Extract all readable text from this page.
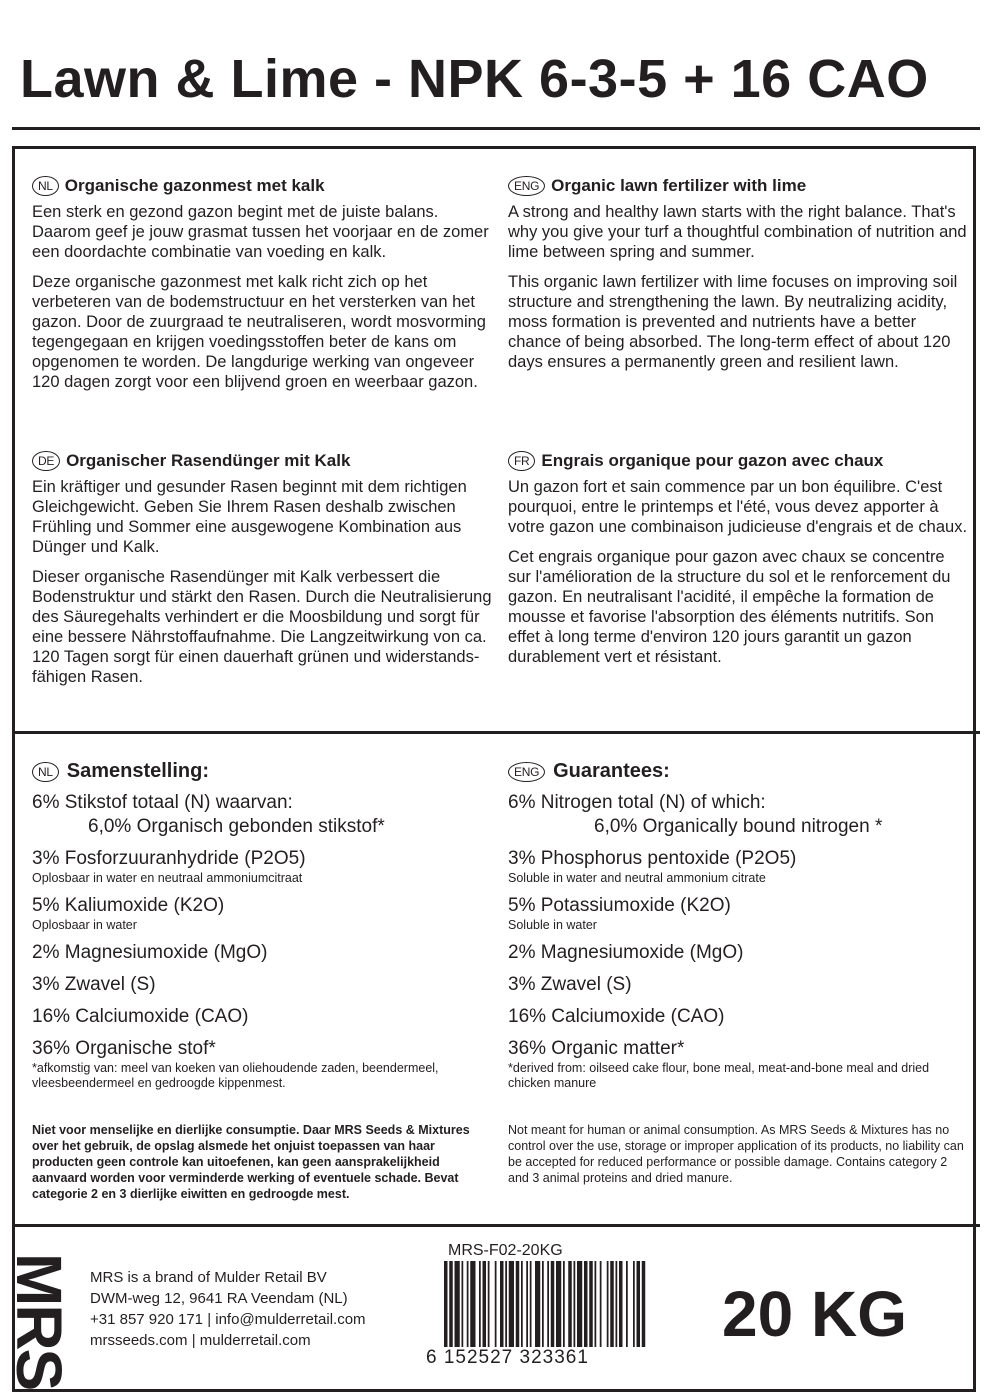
Lawn & Lime - NPK 6-3-5 + 16 CAO
NL Organische gazonmest met kalk

Een sterk en gezond gazon begint met de juiste balans. Daarom geef je jouw grasmat tussen het voorjaar en de zomer een doordachte combinatie van voeding en kalk.

Deze organische gazonmest met kalk richt zich op het verbeteren van de bodemstructuur en het versterken van het gazon. Door de zuurgraad te neutraliseren, wordt mosvorming tegengegaan en krijgen voedingsstoffen beter de kans om opgenomen te worden. De langdurige werking van ongeveer 120 dagen zorgt voor een blijvend groen en weerbaar gazon.

ENG Organic lawn fertilizer with lime

A strong and healthy lawn starts with the right balance. That's why you give your turf a thoughtful combination of nutrition and lime between spring and summer.

This organic lawn fertilizer with lime focuses on improving soil structure and strengthening the lawn. By neutralizing acidity, moss formation is prevented and nutrients have a better chance of being absorbed. The long-term effect of about 120 days ensures a permanently green and resilient lawn.

DE Organischer Rasendünger mit Kalk

Ein kräftiger und gesunder Rasen beginnt mit dem richtigen Gleichgewicht. Geben Sie Ihrem Rasen deshalb zwischen Frühling und Sommer eine ausgewogene Kombination aus Dünger und Kalk.

Dieser organische Rasendünger mit Kalk verbessert die Bodenstruktur und stärkt den Rasen. Durch die Neutralisierung des Säuregehalts verhindert er die Moosbildung und sorgt für eine bessere Nährstoffaufnahme. Die Langzeitwirkung von ca. 120 Tagen sorgt für einen dauerhaft grünen und widerstandsfähigen Rasen.

FR Engrais organique pour gazon avec chaux

Un gazon fort et sain commence par un bon équilibre. C'est pourquoi, entre le printemps et l'été, vous devez apporter à votre gazon une combinaison judicieuse d'engrais et de chaux.

Cet engrais organique pour gazon avec chaux se concentre sur l'amélioration de la structure du sol et le renforcement du gazon. En neutralisant l'acidité, il empêche la formation de mousse et favorise l'absorption des éléments nutritifs. Son effet à long terme d'environ 120 jours garantit un gazon durablement vert et résistant.

NL Samenstelling:
6% Stikstof totaal (N) waarvan:
6,0% Organisch gebonden stikstof*
3% Fosforzuuranhydride (P2O5)
Oplosbaar in water en neutraal ammoniumcitraat
5% Kaliumoxide (K2O)
Oplosbaar in water
2% Magnesiumoxide (MgO)
3% Zwavel (S)
16% Calciumoxide (CAO)
36% Organische stof*
*afkomstig van: meel van koeken van oliehoudende zaden, beendermeel, vleesbeendermeel en gedroogde kippenmest.
ENG Guarantees:
6% Nitrogen total (N) of which:
6,0% Organically bound nitrogen *
3% Phosphorus pentoxide (P2O5)
Soluble in water and neutral ammonium citrate
5% Potassiumoxide (K2O)
Soluble in water
2% Magnesiumoxide (MgO)
3% Zwavel (S)
16% Calciumoxide (CAO)
36% Organic matter*
*derived from: oilseed cake flour, bone meal, meat-and-bone meal and dried chicken manure
Niet voor menselijke en dierlijke consumptie. Daar MRS Seeds & Mixtures over het gebruik, de opslag alsmede het onjuist toepassen van haar producten geen controle kan uitoefenen, kan geen aansprakelijkheid aanvaard worden voor verminderde werking of eventuele schade. Bevat categorie 2 en 3 dierlijke eiwitten en gedroogde mest.
Not meant for human or animal consumption. As MRS Seeds & Mixtures has no control over the use, storage or improper application of its products, no liability can be accepted for reduced performance or possible damage. Contains category 2 and 3 animal proteins and dried manure.
MRS MRS is a brand of Mulder Retail BV
DWM-weg 12, 9641 RA Veendam (NL)
+31 857 920 171 | info@mulderretail.com
mrsseeds.com | mulderretail.com
MRS-F02-20KG
6 152527 323361
20 KG
